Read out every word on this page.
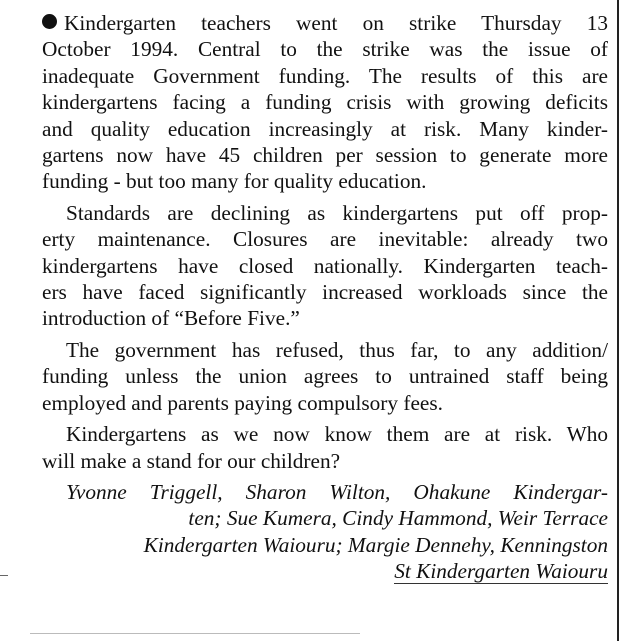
Kindergarten teachers went on strike Thursday 13
October 1994. Central to the strike was the issue of
inadequate Government funding. The results of this are
kindergartens facing a funding crisis with growing deficits
and quality education increasingly at risk. Many kinder-
gartens now have 45 children per session to generate more
funding - but too many for quality education.
Standards are declining as kindergartens put off prop-
erty maintenance. Closures are inevitable: already two
kindergartens have closed nationally. Kindergarten teach-
ers have faced significantly increased workloads since the
introduction of “Before Five.”
The government has refused, thus far, to any addition/
funding unless the union agrees to untrained staff being
employed and parents paying compulsory fees.
Kindergartens as we now know them are at risk. Who
will make a stand for our children?
Yvonne Triggell, Sharon Wilton, Ohakune Kindergar-
ten; Sue Kumera, Cindy Hammond, Weir Terrace
Kindergarten Waiouru; Margie Dennehy, Kenningston
St Kindergarten Waiouru
